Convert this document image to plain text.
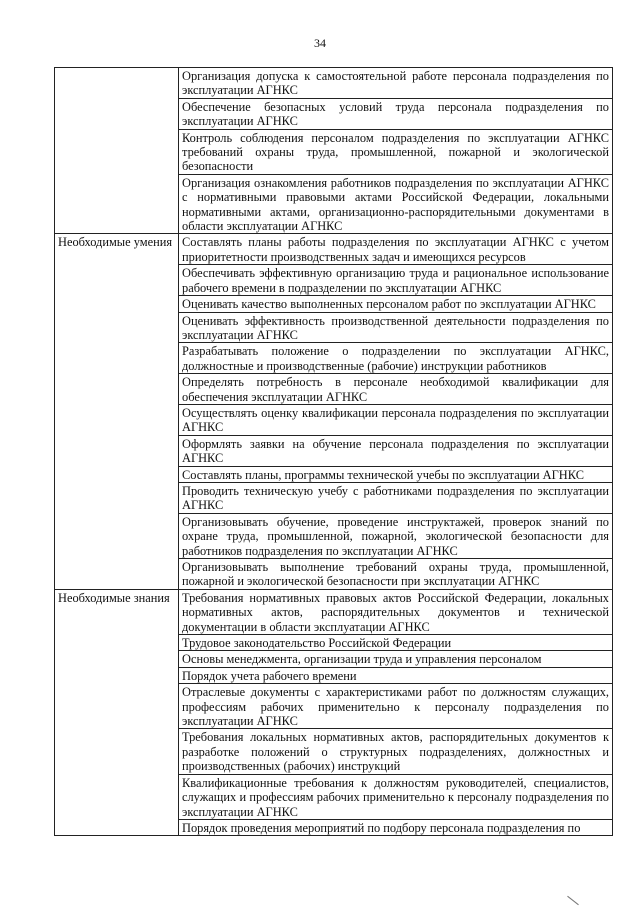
34
	Организация допуска к самостоятельной работе персонала подразделения по эксплуатации АГНКС
	Обеспечение безопасных условий труда персонала подразделения по эксплуатации АГНКС
	Контроль соблюдения персоналом подразделения по эксплуатации АГНКС требований охраны труда, промышленной, пожарной и экологической безопасности
	Организация ознакомления работников подразделения по эксплуатации АГНКС с нормативными правовыми актами Российской Федерации, локальными нормативными актами, организационно-распорядительными документами в области эксплуатации АГНКС
Необходимые умения	Составлять планы работы подразделения по эксплуатации АГНКС с учетом приоритетности производственных задач и имеющихся ресурсов
	Обеспечивать эффективную организацию труда и рациональное использование рабочего времени в подразделении по эксплуатации АГНКС
	Оценивать качество выполненных персоналом работ по эксплуатации АГНКС
	Оценивать эффективность производственной деятельности подразделения по эксплуатации АГНКС
	Разрабатывать положение о подразделении по эксплуатации АГНКС, должностные и производственные (рабочие) инструкции работников
	Определять потребность в персонале необходимой квалификации для обеспечения эксплуатации АГНКС
	Осуществлять оценку квалификации персонала подразделения по эксплуатации АГНКС
	Оформлять заявки на обучение персонала подразделения по эксплуатации АГНКС
	Составлять планы, программы технической учебы по эксплуатации АГНКС
	Проводить техническую учебу с работниками подразделения по эксплуатации АГНКС
	Организовывать обучение, проведение инструктажей, проверок знаний по охране труда, промышленной, пожарной, экологической безопасности для работников подразделения по эксплуатации АГНКС
	Организовывать выполнение требований охраны труда, промышленной, пожарной и экологической безопасности при эксплуатации АГНКС
Необходимые знания	Требования нормативных правовых актов Российской Федерации, локальных нормативных актов, распорядительных документов и технической документации в области эксплуатации АГНКС
	Трудовое законодательство Российской Федерации
	Основы менеджмента, организации труда и управления персоналом
	Порядок учета рабочего времени
	Отраслевые документы с характеристиками работ по должностям служащих, профессиям рабочих применительно к персоналу подразделения по эксплуатации АГНКС
	Требования локальных нормативных актов, распорядительных документов к разработке положений о структурных подразделениях, должностных и производственных (рабочих) инструкций
	Квалификационные требования к должностям руководителей, специалистов, служащих и профессиям рабочих применительно к персоналу подразделения по эксплуатации АГНКС
	Порядок проведения мероприятий по подбору персонала подразделения по
